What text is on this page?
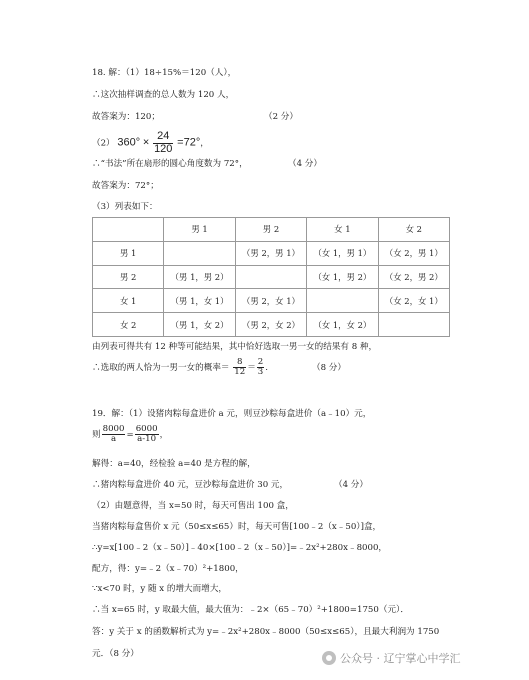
18. 解：（1）18÷15%＝120（人），
∴这次抽样调查的总人数为 120 人，
故答案为：120；	（2 分）
（2） $360^\circ \times \frac{24}{120} =72^\circ$，
∴“书法”所在扇形的圆心角度数为 72°，	（4 分）
故答案为：72°；
（3）列表如下：
	男 1	男 2	女 1	女 2
男 1		（男 2，男 1）	（女 1，男 1）	（女 2，男 1）
男 2	（男 1，男 2）		（女 1，男 2）	（女 2，男 2）
女 1	（男 1，女 1）	（男 2，女 1）		（女 2，女 1）
女 2	（男 1，女 2）	（男 2，女 2）	（女 1，女 2）	
由列表可得共有 12 种等可能结果，其中恰好选取一男一女的结果有 8 种，
∴选取的两人恰为一男一女的概率＝ $\frac{8}{12} = \frac{2}{3}$ .	（8 分）
19．解：（1）设猪肉粽每盒进价 a 元，则豆沙粽每盒进价（a﹣10）元，
则 $\frac{8000}{a} = \frac{6000}{a-10}$ ，
解得：a=40，经检验 a=40 是方程的解，
∴猪肉粽每盒进价 40 元，豆沙粽每盒进价 30 元，	（4 分）
（2）由题意得，当 x=50 时，每天可售出 100 盒，
当猪肉粽每盒售价 x 元（50≤x≤65）时，每天可售[100﹣2（x﹣50）]盒，
∴y=x[100﹣2（x﹣50）]﹣40×[100﹣2（x﹣50）]=﹣2x²+280x﹣8000，
配方，得：y=﹣2（x﹣70）²+1800，
∵x<70 时，y 随 x 的增大而增大，
∴当 x=65 时，y 取最大值，最大值为：﹣2×（65﹣70）²+1800=1750（元）．
答：y 关于 x 的函数解析式为 y=﹣2x²+280x﹣8000（50≤x≤65），且最大利润为 1750
元．（8 分）	公众号 · 辽宁掌心中学汇
